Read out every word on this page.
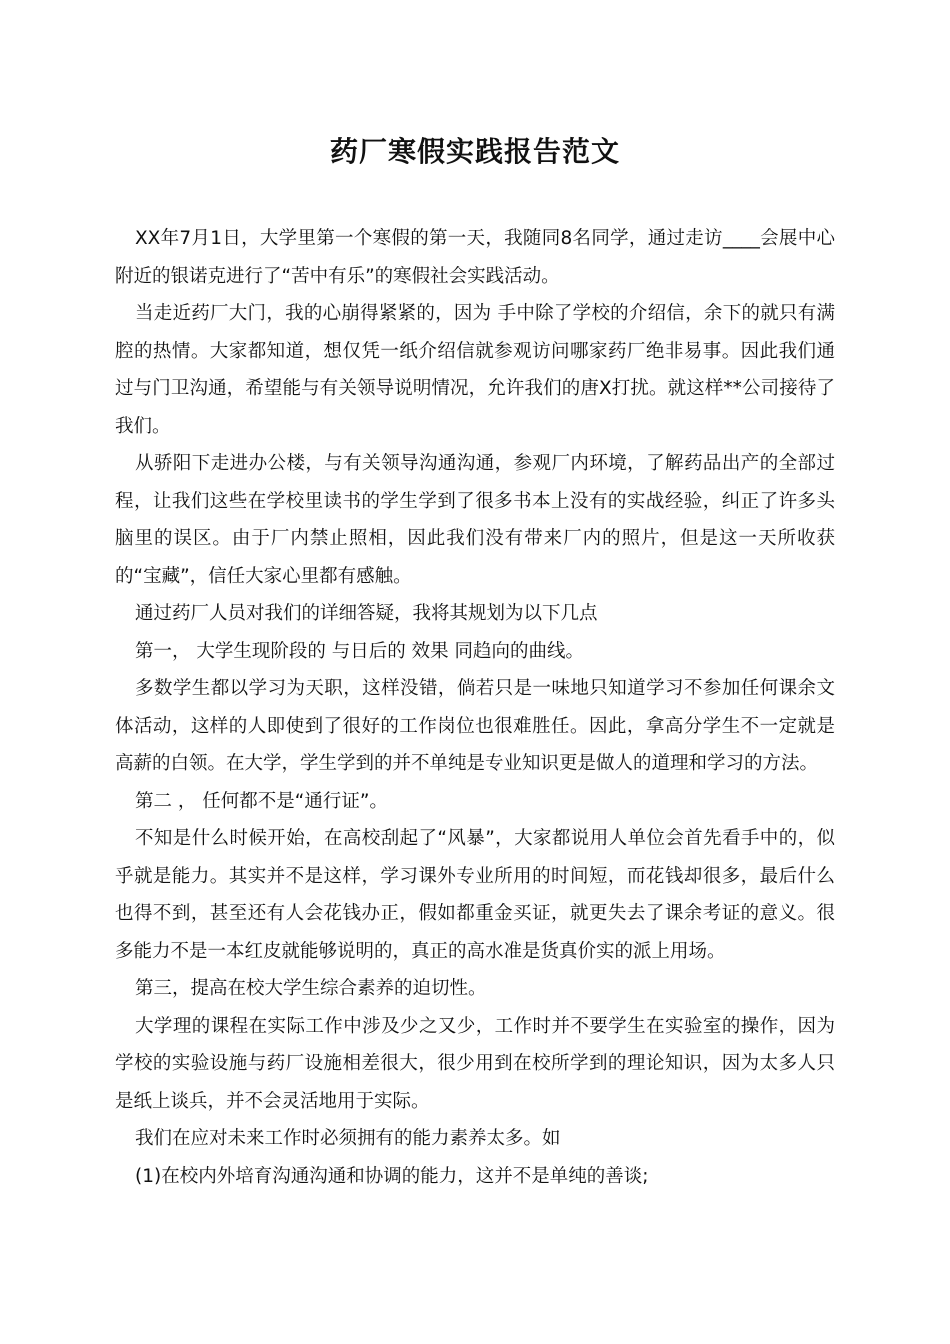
药厂寒假实践报告范文

XX年7月1日，大学里第一个寒假的第一天，我随同8名同学，通过走访____会展中心附近的银诺克进行了“苦中有乐”的寒假社会实践活动。

当走近药厂大门，我的心崩得紧紧的，因为 手中除了学校的介绍信，余下的就只有满腔的热情。大家都知道，想仅凭一纸介绍信就参观访问哪家药厂绝非易事。因此我们通过与门卫沟通，希望能与有关领导说明情况，允许我们的唐X打扰。就这样**公司接待了我们。

从骄阳下走进办公楼，与有关领导沟通沟通，参观厂内环境，了解药品出产的全部过程，让我们这些在学校里读书的学生学到了很多书本上没有的实战经验，纠正了许多头脑里的误区。由于厂内禁止照相，因此我们没有带来厂内的照片，但是这一天所收获的“宝藏”，信任大家心里都有感触。

通过药厂人员对我们的详细答疑，我将其规划为以下几点

第一， 大学生现阶段的 与日后的 效果 同趋向的曲线。

多数学生都以学习为天职，这样没错，倘若只是一味地只知道学习不参加任何课余文体活动，这样的人即使到了很好的工作岗位也很难胜任。因此，拿高分学生不一定就是高薪的白领。在大学，学生学到的并不单纯是专业知识更是做人的道理和学习的方法。

第二 ， 任何都不是“通行证”。

不知是什么时候开始，在高校刮起了“风暴”，大家都说用人单位会首先看手中的，似乎就是能力。其实并不是这样，学习课外专业所用的时间短，而花钱却很多，最后什么也得不到，甚至还有人会花钱办正，假如都重金买证，就更失去了课余考证的意义。很多能力不是一本红皮就能够说明的，真正的高水准是货真价实的派上用场。

第三，提高在校大学生综合素养的迫切性。

大学理的课程在实际工作中涉及少之又少，工作时并不要学生在实验室的操作，因为学校的实验设施与药厂设施相差很大，很少用到在校所学到的理论知识，因为太多人只是纸上谈兵，并不会灵活地用于实际。

我们在应对未来工作时必须拥有的能力素养太多。如

(1)在校内外培育沟通沟通和协调的能力，这并不是单纯的善谈;
